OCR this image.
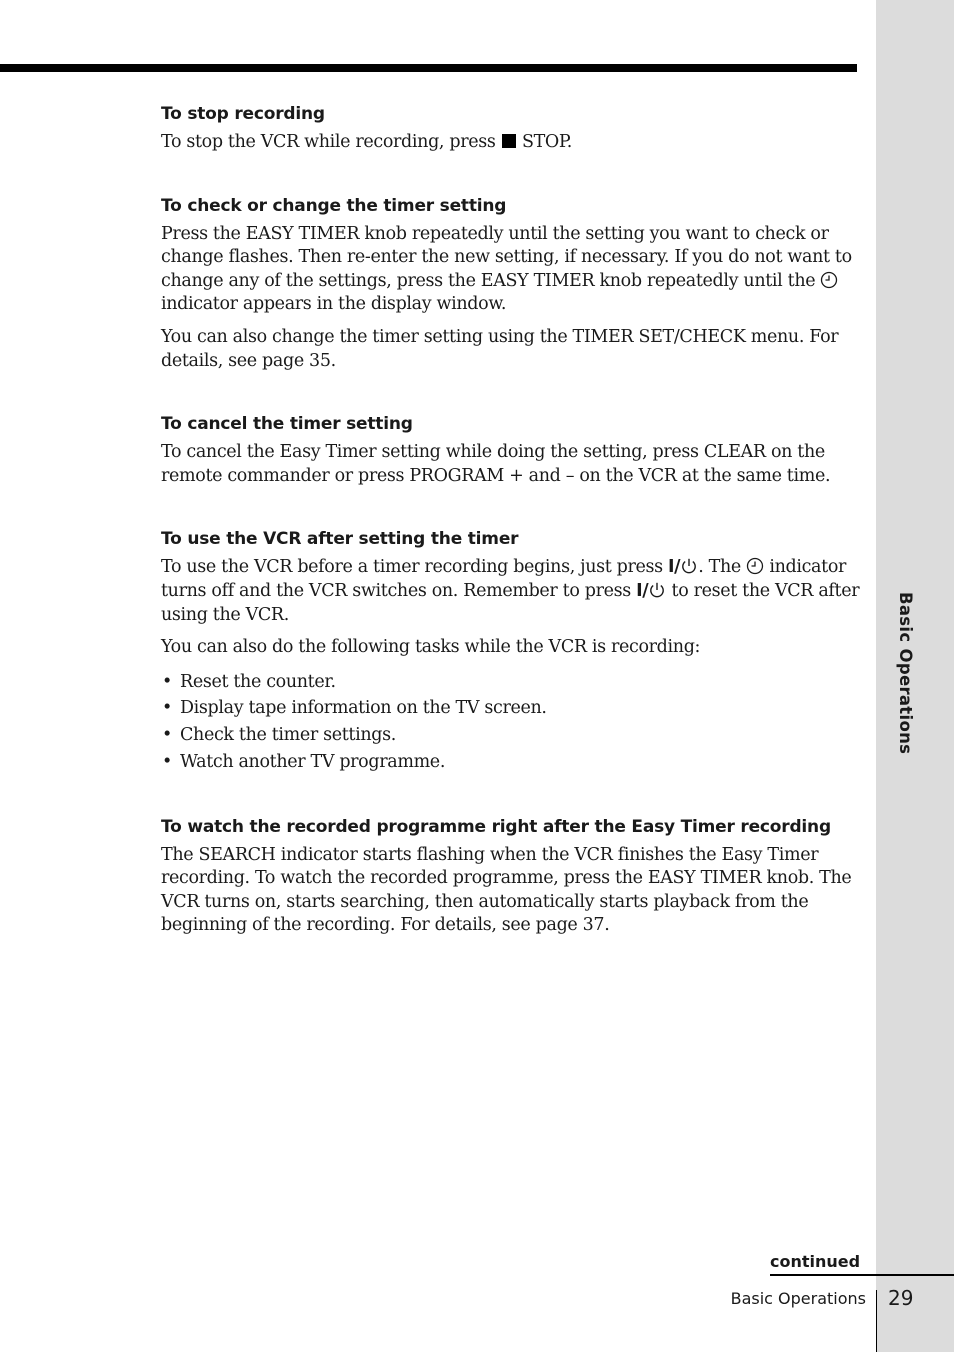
Basic Operations
To stop recording

To stop the VCR while recording, press STOP.

To check or change the timer setting

Press the EASY TIMER knob repeatedly until the setting you want to check or change flashes. Then re-enter the new setting, if necessary. If you do not want to change any of the settings, press the EASY TIMER knob repeatedly until the  indicator appears in the display window.

You can also change the timer setting using the TIMER SET/CHECK menu. For details, see page 35.

To cancel the timer setting

To cancel the Easy Timer setting while doing the setting, press CLEAR on the remote commander or press PROGRAM + and – on the VCR at the same time.

To use the VCR after setting the timer

To use the VCR before a timer recording begins, just press I/ . The indicator turns off and the VCR switches on. Remember to press I/ to reset the VCR after using the VCR.

You can also do the following tasks while the VCR is recording:

• Reset the counter.
• Display tape information on the TV screen.
• Check the timer settings.
• Watch another TV programme.
To watch the recorded programme right after the Easy Timer recording

The SEARCH indicator starts flashing when the VCR finishes the Easy Timer recording. To watch the recorded programme, press the EASY TIMER knob. The VCR turns on, starts searching, then automatically starts playback from the beginning of the recording. For details, see page 37.

continued
Basic Operations 29
